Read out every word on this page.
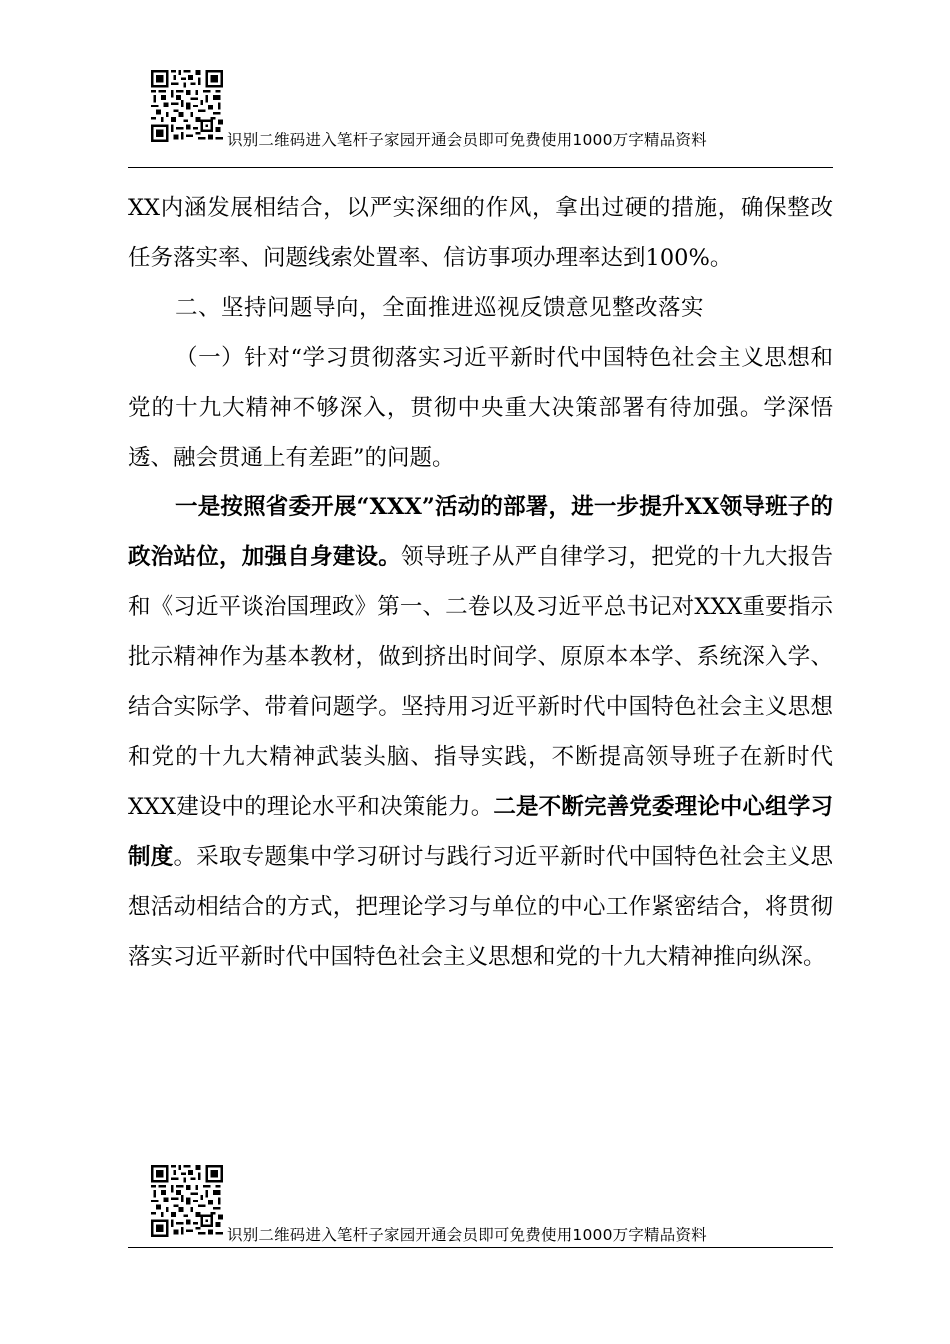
识别二维码进入笔杆子家园开通会员即可免费使用1000万字精品资料

XX内涵发展相结合，以严实深细的作风，拿出过硬的措施，确保整改任务落实率、问题线索处置率、信访事项办理率达到100%。

二、坚持问题导向，全面推进巡视反馈意见整改落实

（一）针对“学习贯彻落实习近平新时代中国特色社会主义思想和党的十九大精神不够深入，贯彻中央重大决策部署有待加强。学深悟透、融会贯通上有差距”的问题。

一是按照省委开展“XXX”活动的部署，进一步提升XX领导班子的政治站位，加强自身建设。领导班子从严自律学习，把党的十九大报告和《习近平谈治国理政》第一、二卷以及习近平总书记对XXX重要指示批示精神作为基本教材，做到挤出时间学、原原本本学、系统深入学、结合实际学、带着问题学。坚持用习近平新时代中国特色社会主义思想和党的十九大精神武装头脑、指导实践，不断提高领导班子在新时代XXX建设中的理论水平和决策能力。二是不断完善党委理论中心组学习制度。采取专题集中学习研讨与践行习近平新时代中国特色社会主义思想活动相结合的方式，把理论学习与单位的中心工作紧密结合，将贯彻落实习近平新时代中国特色社会主义思想和党的十九大精神推向纵深。

识别二维码进入笔杆子家园开通会员即可免费使用1000万字精品资料
